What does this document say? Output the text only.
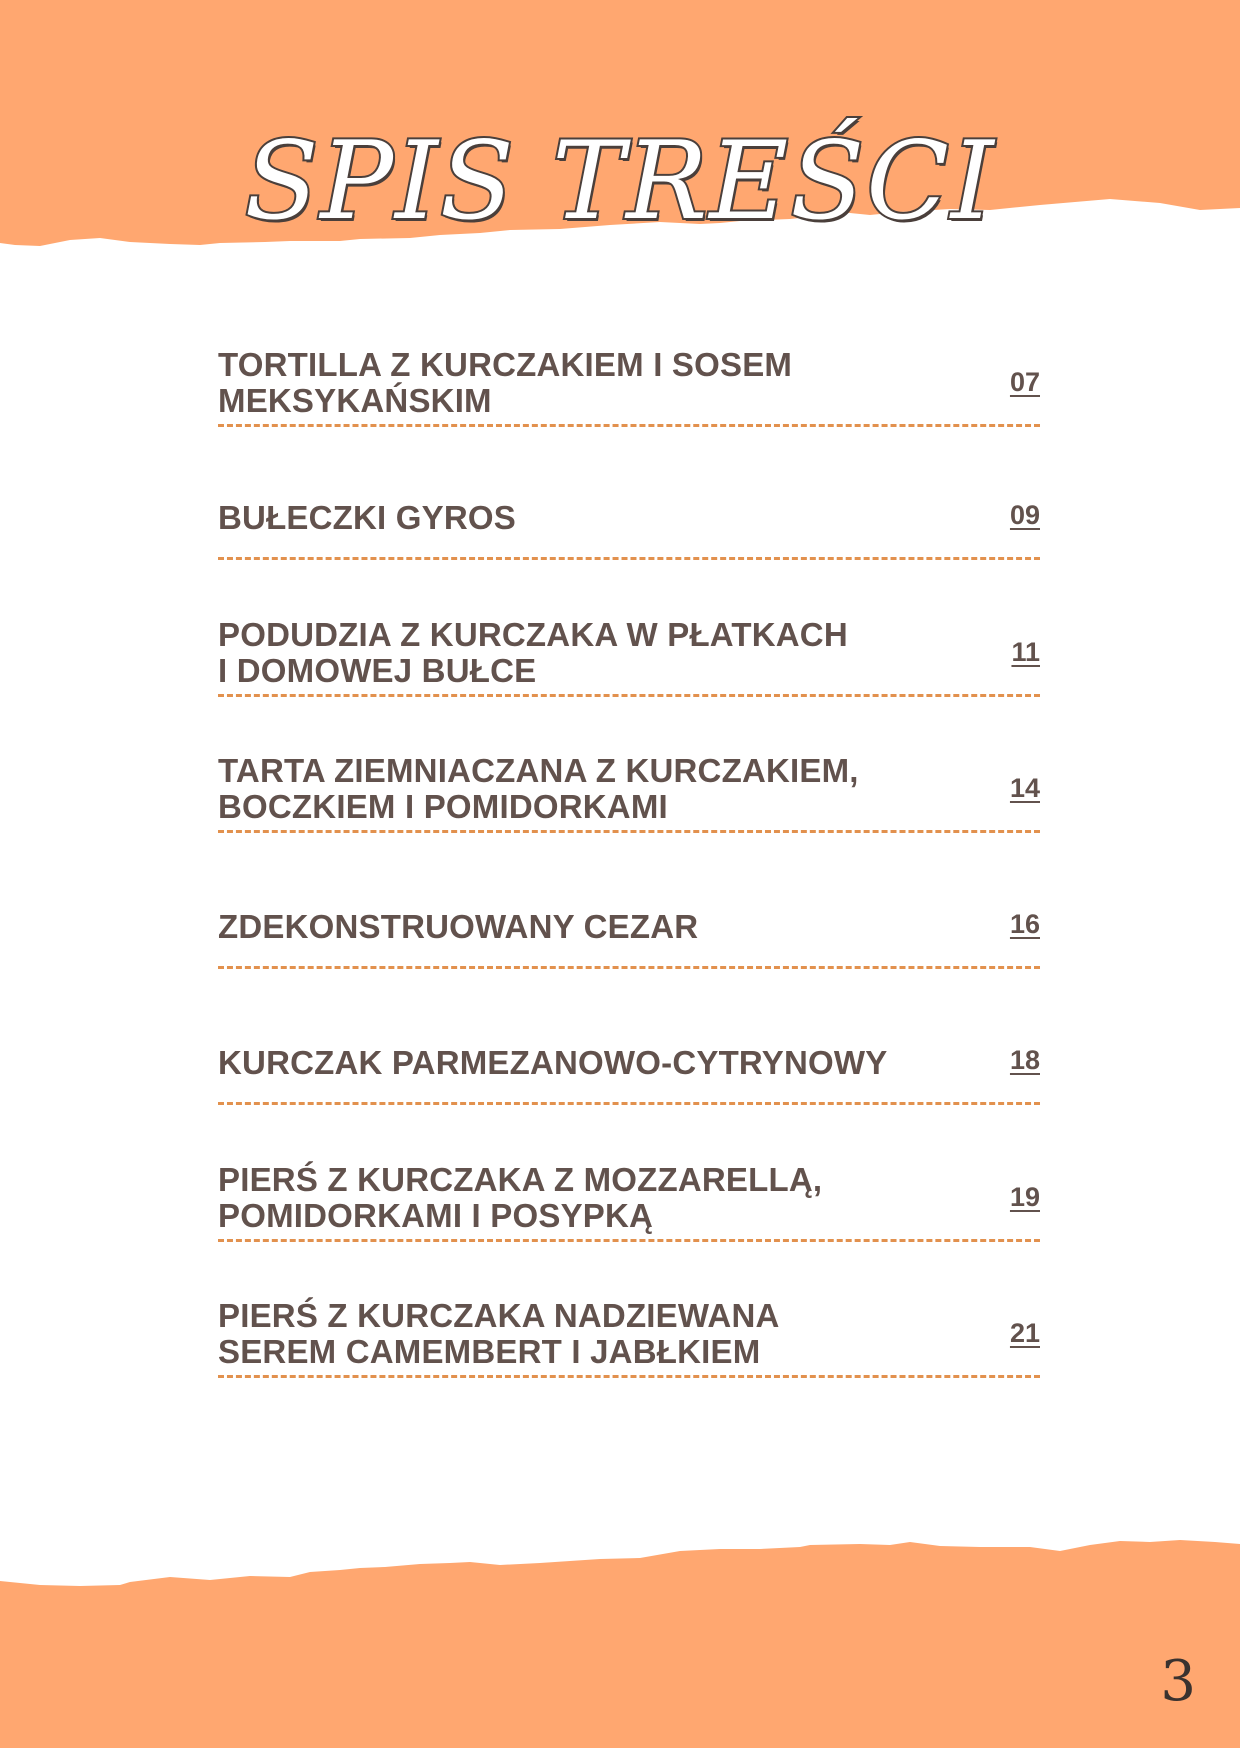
SPIS TREŚCI
TORTILLA Z KURCZAKIEM I SOSEM
MEKSYKAŃSKIM	07
BUŁECZKI GYROS	09
PODUDZIA Z KURCZAKA W PŁATKACH
I DOMOWEJ BUŁCE	11
TARTA ZIEMNIACZANA Z KURCZAKIEM,
BOCZKIEM I POMIDORKAMI	14
ZDEKONSTRUOWANY CEZAR	16
KURCZAK PARMEZANOWO-CYTRYNOWY	18
PIERŚ Z KURCZAKA Z MOZZARELLĄ,
POMIDORKAMI I POSYPKĄ	19
PIERŚ Z KURCZAKA NADZIEWANA
SEREM CAMEMBERT I JABŁKIEM	21
3
